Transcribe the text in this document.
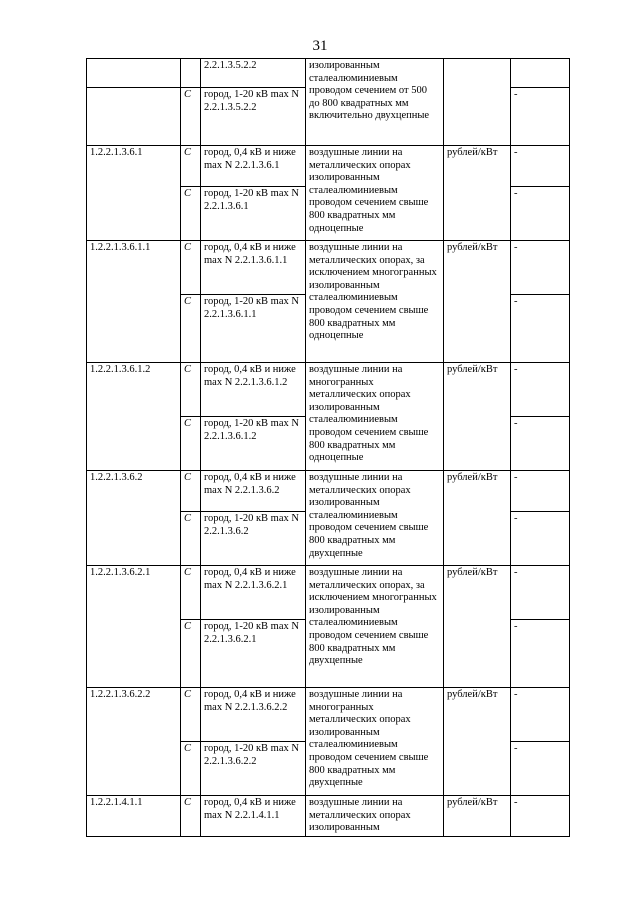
31
		2.2.1.3.5.2.2	изолированным сталеалюминиевым проводом сечением от 500 до 800 квадратных мм включительно двухцепные		
	С	город, 1-20 кВ max N 2.2.1.3.5.2.2			-
1.2.2.1.3.6.1	С	город, 0,4 кВ и ниже max N 2.2.1.3.6.1	воздушные линии на металлических опорах изолированным сталеалюминиевым проводом сечением свыше 800 квадратных мм одноцепные	рублей/кВт	-
	С	город, 1-20 кВ max N 2.2.1.3.6.1			-
1.2.2.1.3.6.1.1	С	город, 0,4 кВ и ниже max N 2.2.1.3.6.1.1	воздушные линии на металлических опорах, за исключением многогранных изолированным сталеалюминиевым проводом сечением свыше 800 квадратных мм одноцепные	рублей/кВт	-
	С	город, 1-20 кВ max N 2.2.1.3.6.1.1			-
1.2.2.1.3.6.1.2	С	город, 0,4 кВ и ниже max N 2.2.1.3.6.1.2	воздушные линии на многогранных металлических опорах изолированным сталеалюминиевым проводом сечением свыше 800 квадратных мм одноцепные	рублей/кВт	-
	С	город, 1-20 кВ max N 2.2.1.3.6.1.2			-
1.2.2.1.3.6.2	С	город, 0,4 кВ и ниже max N 2.2.1.3.6.2	воздушные линии на металлических опорах изолированным сталеалюминиевым проводом сечением свыше 800 квадратных мм двухцепные	рублей/кВт	-
	С	город, 1-20 кВ max N 2.2.1.3.6.2			-
1.2.2.1.3.6.2.1	С	город, 0,4 кВ и ниже max N 2.2.1.3.6.2.1	воздушные линии на металлических опорах, за исключением многогранных изолированным сталеалюминиевым проводом сечением свыше 800 квадратных мм двухцепные	рублей/кВт	-
	С	город, 1-20 кВ max N 2.2.1.3.6.2.1			-
1.2.2.1.3.6.2.2	С	город, 0,4 кВ и ниже max N 2.2.1.3.6.2.2	воздушные линии на многогранных металлических опорах изолированным сталеалюминиевым проводом сечением свыше 800 квадратных мм двухцепные	рублей/кВт	-
	С	город, 1-20 кВ max N 2.2.1.3.6.2.2			-
1.2.2.1.4.1.1	С	город, 0,4 кВ и ниже max N 2.2.1.4.1.1	воздушные линии на металлических опорах изолированным	рублей/кВт	-
